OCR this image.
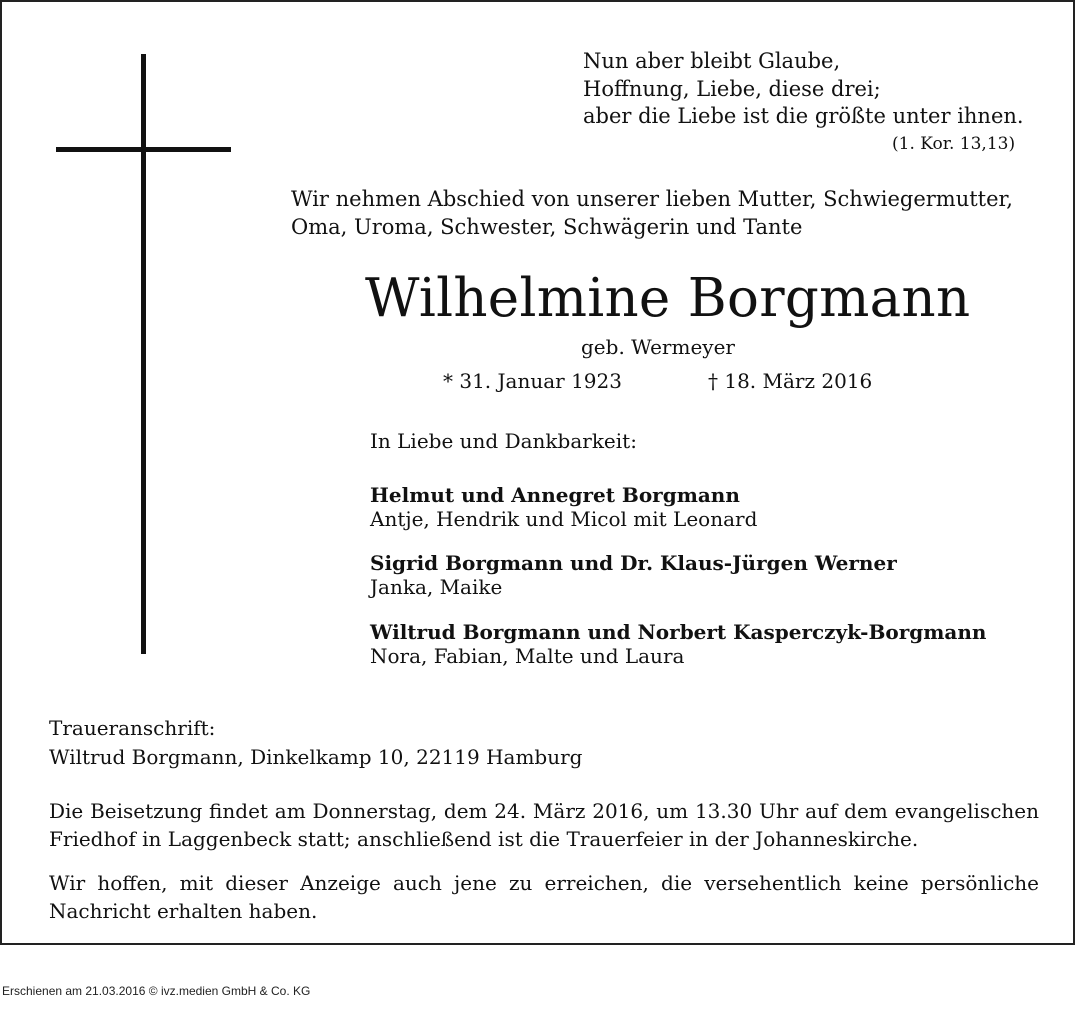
Nun aber bleibt Glaube,
Hoffnung, Liebe, diese drei;
aber die Liebe ist die größte unter ihnen.
(1. Kor. 13,13)
Wir nehmen Abschied von unserer lieben Mutter, Schwiegermutter,
Oma, Uroma, Schwester, Schwägerin und Tante
Wilhelmine Borgmann
geb. Wermeyer
* 31. Januar 1923	† 18. März 2016
In Liebe und Dankbarkeit:
Helmut und Annegret Borgmann
Antje, Hendrik und Micol mit Leonard
Sigrid Borgmann und Dr. Klaus-Jürgen Werner
Janka, Maike
Wiltrud Borgmann und Norbert Kasperczyk-Borgmann
Nora, Fabian, Malte und Laura
Traueranschrift:
Wiltrud Borgmann, Dinkelkamp 10, 22119 Hamburg
Die Beisetzung findet am Donnerstag, dem 24. März 2016, um 13.30 Uhr auf dem evangelischen Friedhof in Laggenbeck statt; anschließend ist die Trauerfeier in der Johanneskirche.
Wir hoffen, mit dieser Anzeige auch jene zu erreichen, die versehentlich keine persönliche Nachricht erhalten haben.
Erschienen am 21.03.2016 © ivz.medien GmbH & Co. KG
